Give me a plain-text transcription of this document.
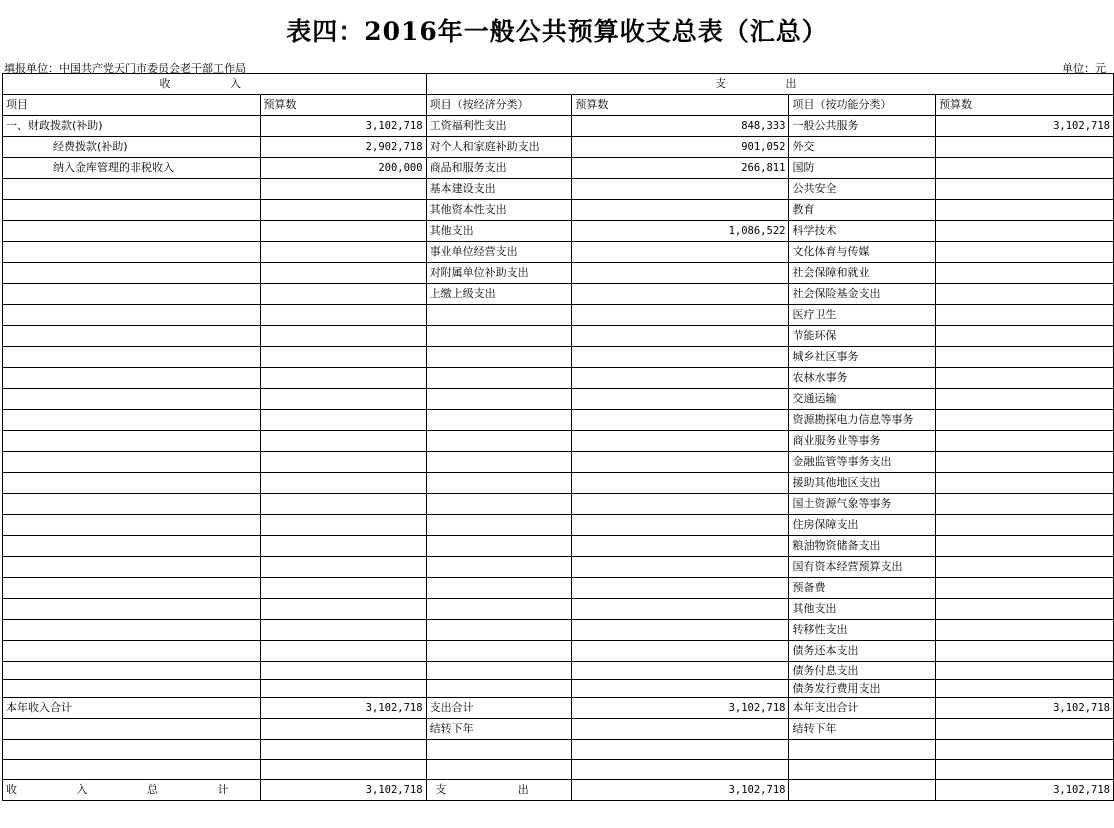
表四：2016年一般公共预算收支总表（汇总）
填报单位：中国共产党天门市委员会老干部工作局	单位：元
收 入		支 出			
项目	预算数	项目（按经济分类）	预算数	项目（按功能分类）	预算数
一、财政拨款(补助)	3,102,718	工资福利性支出	848,333	一般公共服务	3,102,718
经费拨款(补助)	2,902,718	对个人和家庭补助支出	901,052	外交	
纳入金库管理的非税收入	200,000	商品和服务支出	266,811	国防	
		基本建设支出		公共安全	
		其他资本性支出		教育	
		其他支出	1,086,522	科学技术	
		事业单位经营支出		文化体育与传媒	
		对附属单位补助支出		社会保障和就业	
		上缴上级支出		社会保险基金支出	
				医疗卫生	
				节能环保	
				城乡社区事务	
				农林水事务	
				交通运输	
				资源勘探电力信息等事务	
				商业服务业等事务	
				金融监管等事务支出	
				援助其他地区支出	
				国土资源气象等事务	
				住房保障支出	
				粮油物资储备支出	
				国有资本经营预算支出	
				预备费	
				其他支出	
				转移性支出	
				债务还本支出	
				债务付息支出	
				债务发行费用支出	
本年收入合计	3,102,718	支出合计	3,102,718	本年支出合计	3,102,718
		结转下年		结转下年	

收 入 总 计	3,102,718	支 出	3,102,718		3,102,718
